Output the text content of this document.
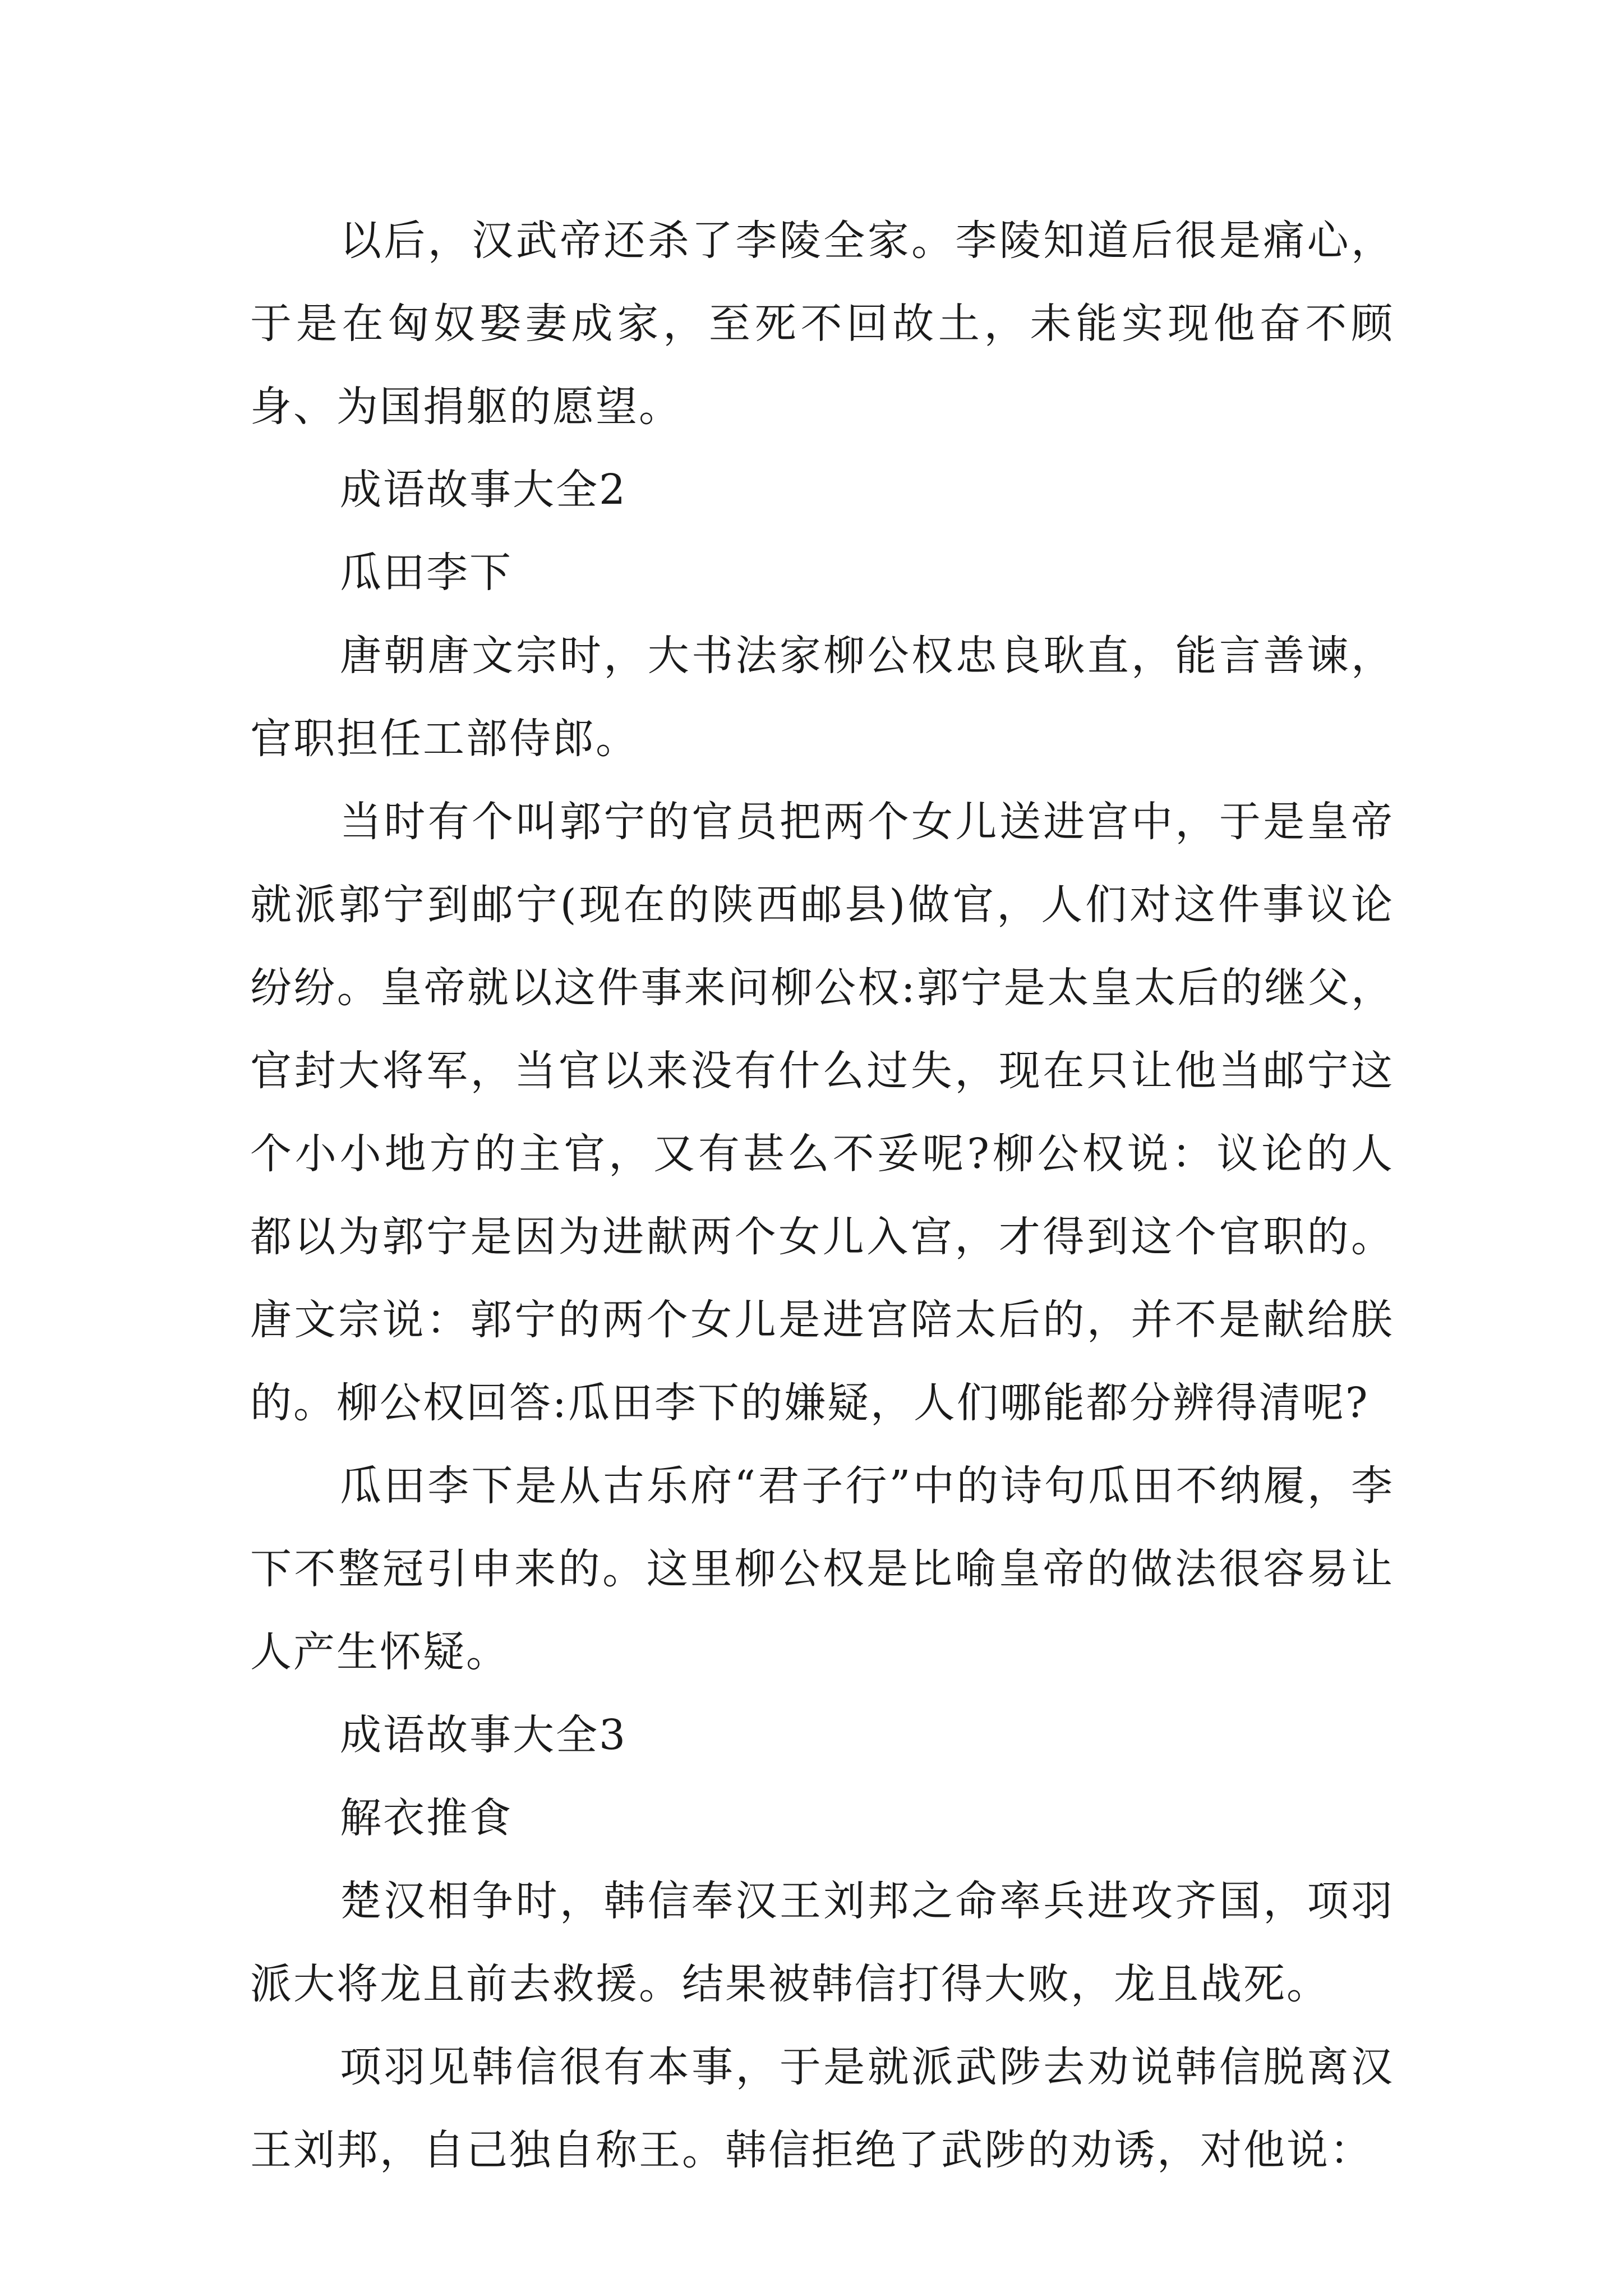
以后，汉武帝还杀了李陵全家。李陵知道后很是痛心，于是在匈奴娶妻成家，至死不回故土，未能实现他奋不顾身、为国捐躯的愿望。

成语故事大全2

瓜田李下

唐朝唐文宗时，大书法家柳公权忠良耿直，能言善谏，官职担任工部侍郎。

当时有个叫郭宁的官员把两个女儿送进宫中，于是皇帝就派郭宁到邮宁(现在的陕西邮县)做官，人们对这件事议论纷纷。皇帝就以这件事来问柳公权:郭宁是太皇太后的继父，官封大将军，当官以来没有什么过失，现在只让他当邮宁这个小小地方的主官，又有甚么不妥呢?柳公权说：议论的人都以为郭宁是因为进献两个女儿入宫，才得到这个官职的。唐文宗说：郭宁的两个女儿是进宫陪太后的，并不是献给朕的。柳公权回答:瓜田李下的嫌疑，人们哪能都分辨得清呢?

瓜田李下是从古乐府“君子行”中的诗句瓜田不纳履，李下不整冠引申来的。这里柳公权是比喻皇帝的做法很容易让人产生怀疑。

成语故事大全3

解衣推食

楚汉相争时，韩信奉汉王刘邦之命率兵进攻齐国，项羽派大将龙且前去救援。结果被韩信打得大败，龙且战死。

项羽见韩信很有本事，于是就派武陟去劝说韩信脱离汉王刘邦，自己独自称王。韩信拒绝了武陟的劝诱，对他说：
